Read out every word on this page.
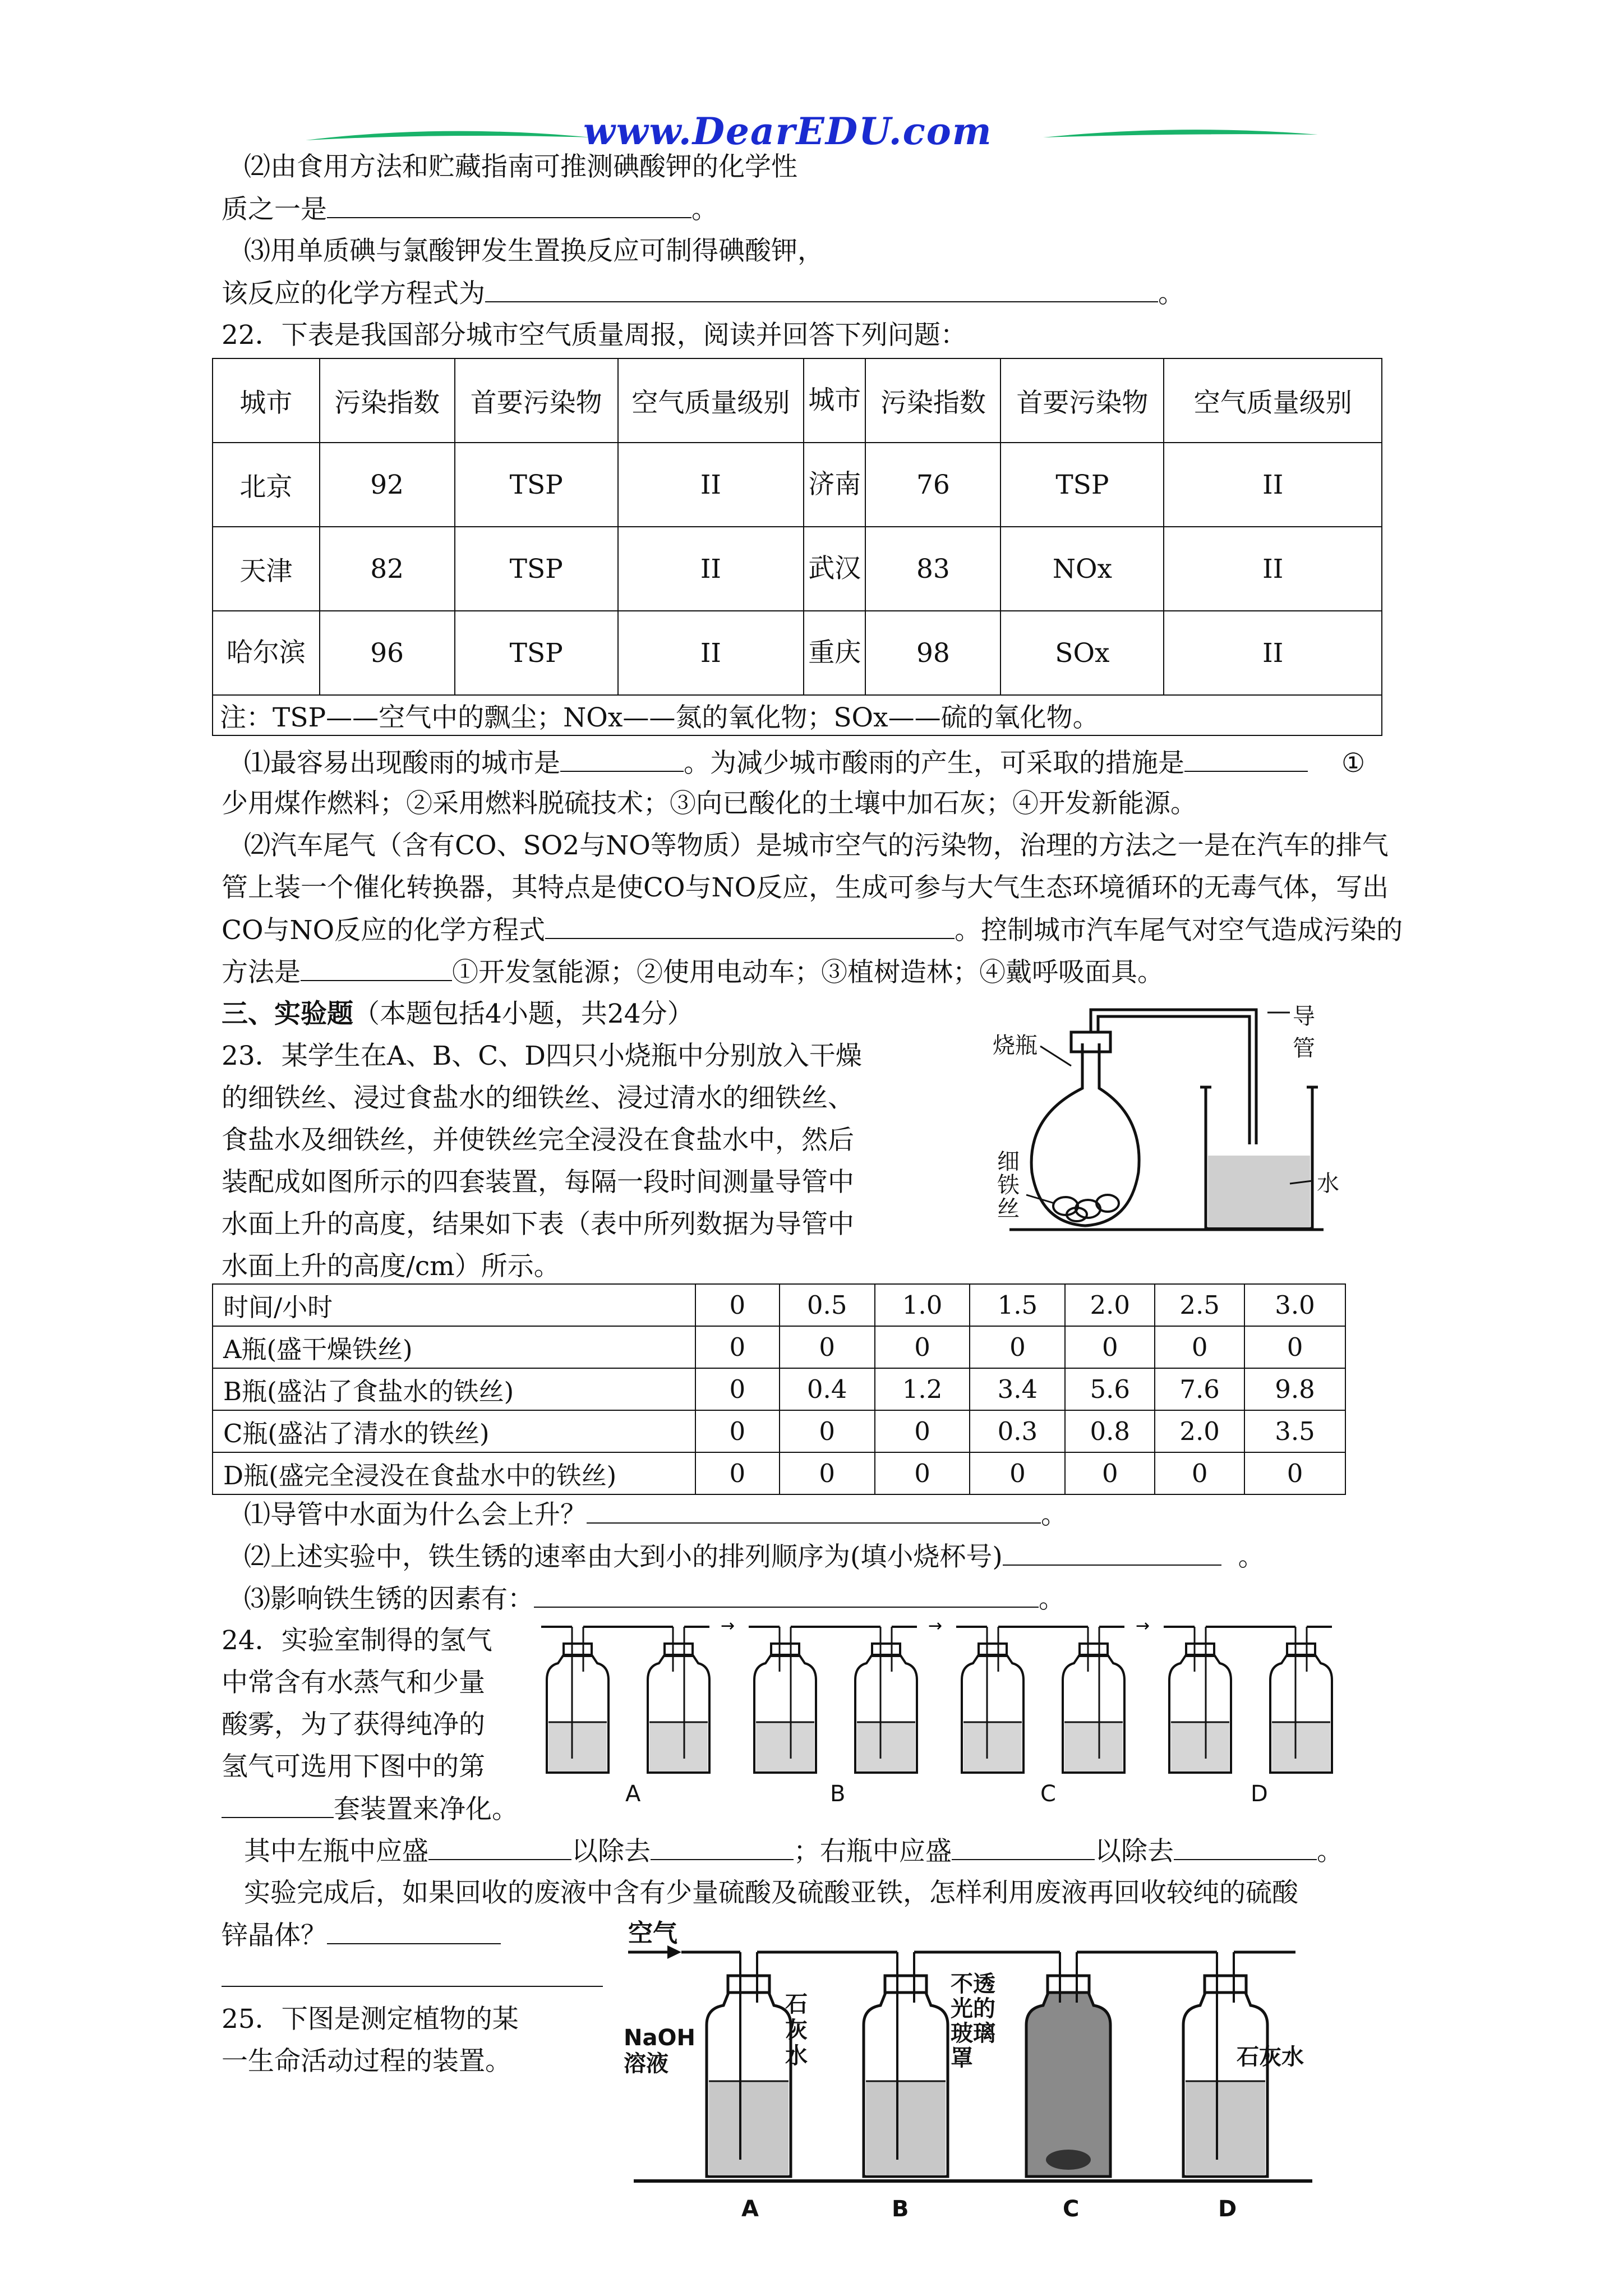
www.DearEDU.com
⑵由食用方法和贮藏指南可推测碘酸钾的化学性
质之一是	。
⑶用单质碘与氯酸钾发生置换反应可制得碘酸钾，
该反应的化学方程式为	。
22．下表是我国部分城市空气质量周报，阅读并回答下列问题：
城市	污染指数	首要污染物	空气质量级别	城市	污染指数	首要污染物	空气质量级别
北京	92	TSP	II	济南	76	TSP	II
天津	82	TSP	II	武汉	83	NOx	II
哈尔滨	96	TSP	II	重庆	98	SOx	II
注：TSP——空气中的飘尘；NOx——氮的氧化物；SOx——硫的氧化物。							
⑴最容易出现酸雨的城市是	。为减少城市酸雨的产生，可采取的措施是	①
少用煤作燃料；②采用燃料脱硫技术；③向已酸化的土壤中加石灰；④开发新能源。
⑵汽车尾气（含有CO、SO2与NO等物质）是城市空气的污染物，治理的方法之一是在汽车的排气
管上装一个催化转换器，其特点是使CO与NO反应，生成可参与大气生态环境循环的无毒气体，写出
CO与NO反应的化学方程式	。控制城市汽车尾气对空气造成污染的
方法是	①开发氢能源；②使用电动车；③植树造林；④戴呼吸面具。
三、实验题（本题包括4小题，共24分）
23．某学生在A、B、C、D四只小烧瓶中分别放入干燥
的细铁丝、浸过食盐水的细铁丝、浸过清水的细铁丝、
食盐水及细铁丝，并使铁丝完全浸没在食盐水中，然后
装配成如图所示的四套装置，每隔一段时间测量导管中
水面上升的高度，结果如下表（表中所列数据为导管中
水面上升的高度/cm）所示。
烧瓶
导管
细铁丝
水
时间/小时	0	0.5	1.0	1.5	2.0	2.5	3.0
A瓶(盛干燥铁丝)	0	0	0	0	0	0	0
B瓶(盛沾了食盐水的铁丝)	0	0.4	1.2	3.4	5.6	7.6	9.8
C瓶(盛沾了清水的铁丝)	0	0	0	0.3	0.8	2.0	3.5
D瓶(盛完全浸没在食盐水中的铁丝)	0	0	0	0	0	0	0
⑴导管中水面为什么会上升？	。
⑵上述实验中，铁生锈的速率由大到小的排列顺序为(填小烧杯号)	。
⑶影响铁生锈的因素有：	。
24．实验室制得的氢气
中常含有水蒸气和少量
酸雾，为了获得纯净的
氢气可选用下图中的第
套装置来净化。
→	→	→
A	B	C	D
其中左瓶中应盛	以除去	；右瓶中应盛	以除去	。
实验完成后，如果回收的废液中含有少量硫酸及硫酸亚铁，怎样利用废液再回收较纯的硫酸
锌晶体？
25．下图是测定植物的某
一生命活动过程的装置。
空气
NaOH 溶液
石灰水
不透光的玻璃罩	石灰水
A	B	C	D
